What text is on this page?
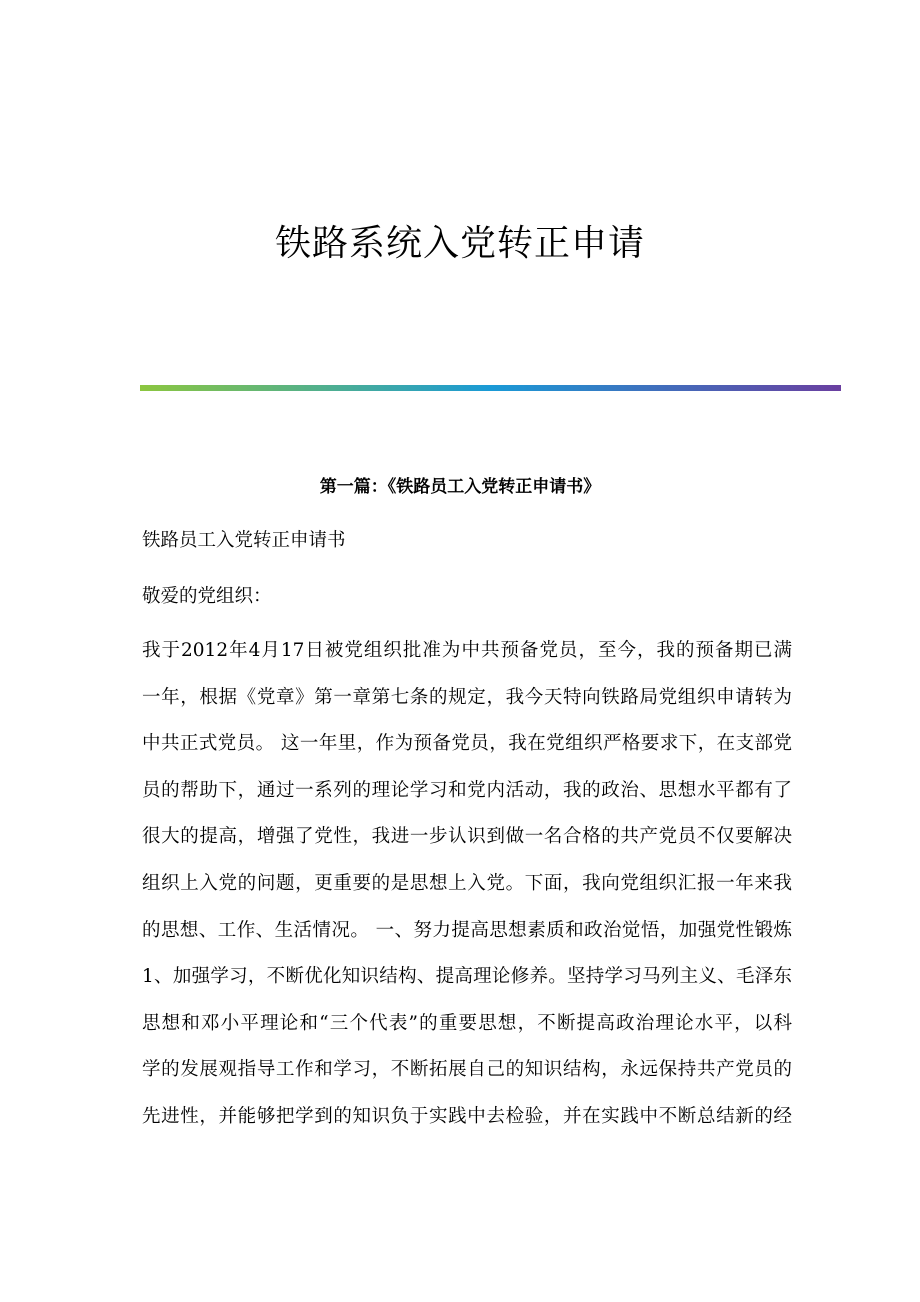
铁路系统入党转正申请
第一篇：《铁路员工入党转正申请书》
铁路员工入党转正申请书
敬爱的党组织：
我于2012年4月17日被党组织批准为中共预备党员，至今，我的预备期已满
一年，根据《党章》第一章第七条的规定，我今天特向铁路局党组织申请转为
中共正式党员。 这一年里，作为预备党员，我在党组织严格要求下，在支部党
员的帮助下，通过一系列的理论学习和党内活动，我的政治、思想水平都有了
很大的提高，增强了党性，我进一步认识到做一名合格的共产党员不仅要解决
组织上入党的问题，更重要的是思想上入党。下面，我向党组织汇报一年来我
的思想、工作、生活情况。 一、努力提高思想素质和政治觉悟，加强党性锻炼
1、加强学习，不断优化知识结构、提高理论修养。坚持学习马列主义、毛泽东
思想和邓小平理论和“三个代表”的重要思想，不断提高政治理论水平，以科
学的发展观指导工作和学习，不断拓展自己的知识结构，永远保持共产党员的
先进性，并能够把学到的知识负于实践中去检验，并在实践中不断总结新的经
